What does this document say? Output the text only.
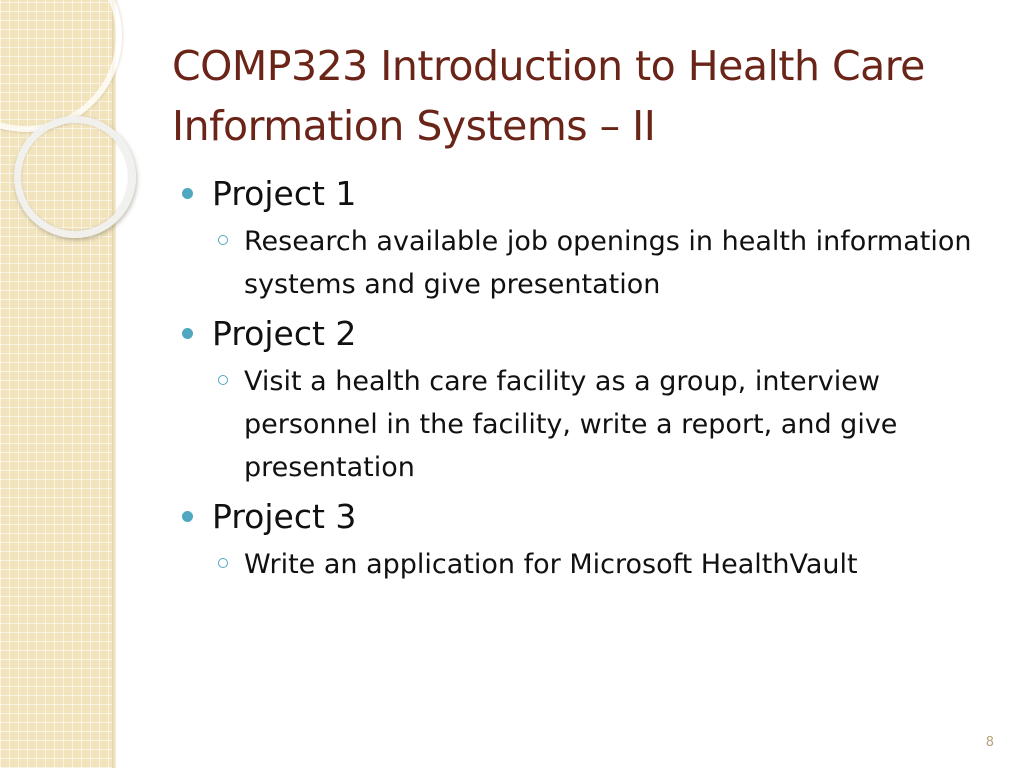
COMP323 Introduction to Health Care Information Systems – II
Project 1
Research available job openings in health information systems and give presentation
Project 2
Visit a health care facility as a group, interview personnel in the facility, write a report, and give presentation
Project 3
Write an application for Microsoft HealthVault
8
